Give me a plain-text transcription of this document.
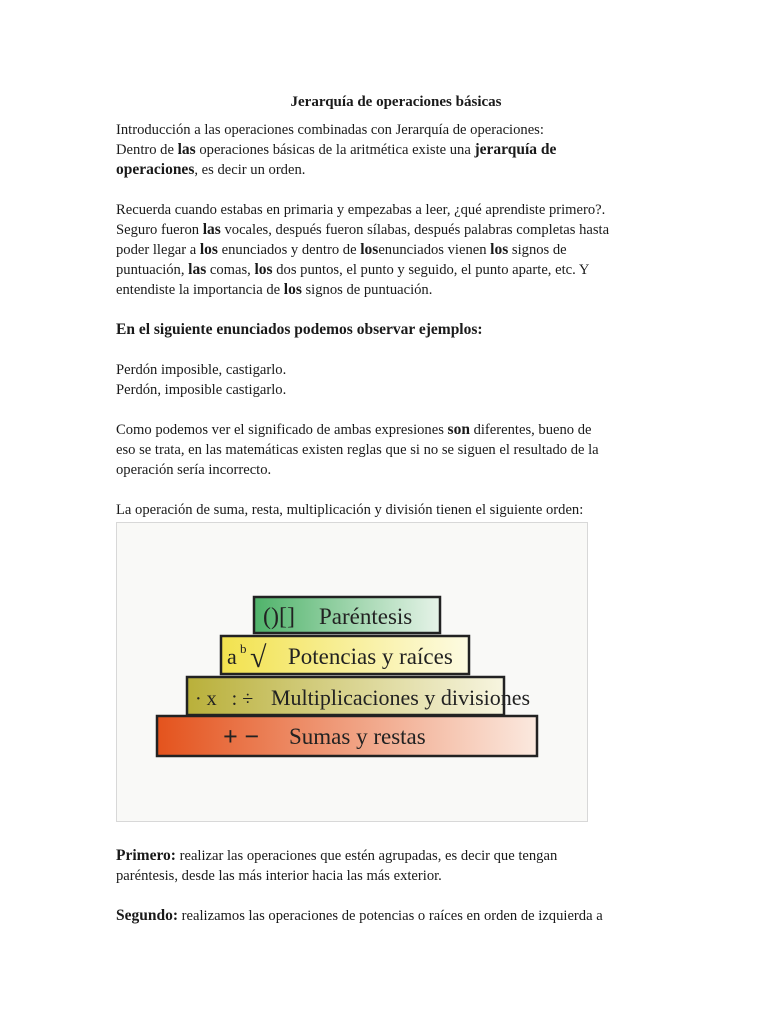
Jerarquía de operaciones básicas

Introducción a las operaciones combinadas con Jerarquía de operaciones:

Dentro de las operaciones básicas de la aritmética existe una jerarquía de

operaciones, es decir un orden.

Recuerda cuando estabas en primaria y empezabas a leer, ¿qué aprendiste primero?.

Seguro fueron las vocales, después fueron sílabas, después palabras completas hasta

poder llegar a los enunciados y dentro de losenunciados vienen los signos de

puntuación, las comas, los dos puntos, el punto y seguido, el punto aparte, etc. Y

entendiste la importancia de los signos de puntuación.

En el siguiente enunciados podemos observar ejemplos:

Perdón imposible, castigarlo.

Perdón, imposible castigarlo.

Como podemos ver el significado de ambas expresiones son diferentes, bueno de

eso se trata, en las matemáticas existen reglas que si no se siguen el resultado de la

operación sería incorrecto.

La operación de suma, resta, multiplicación y división tienen el siguiente orden:

()[] Paréntesis
a b √ Potencias y raíces
· x   : ÷ Multiplicaciones y divisiones
+ − Sumas y restas

Primero: realizar las operaciones que estén agrupadas, es decir que tengan

paréntesis, desde las más interior hacia las más exterior.

Segundo: realizamos las operaciones de potencias o raíces en orden de izquierda a
